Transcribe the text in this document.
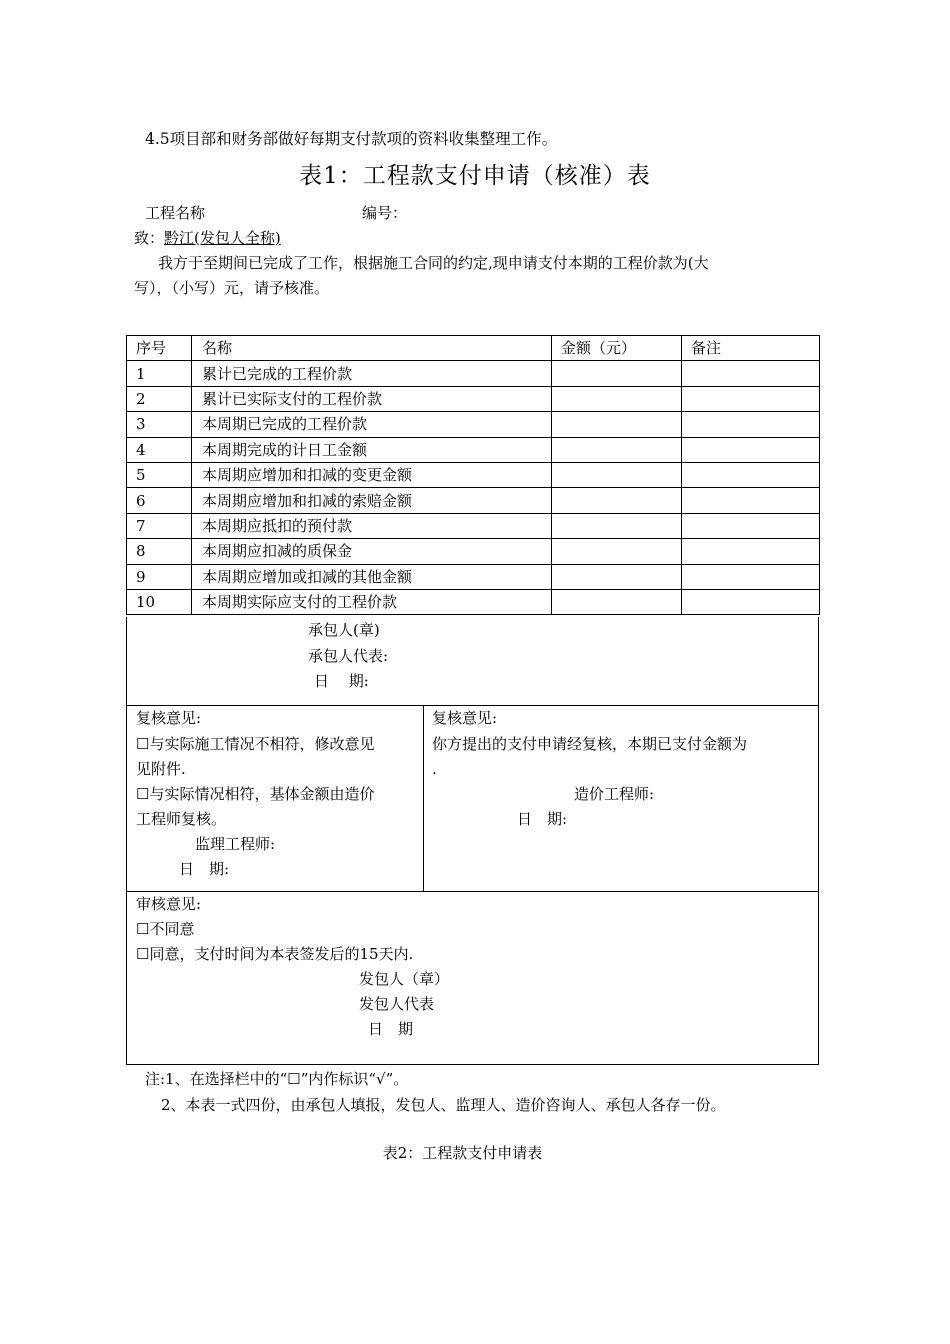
4.5项目部和财务部做好每期支付款项的资料收集整理工作。
表1：工程款支付申请（核准）表
工程名称	编号：
致：黔江(发包人全称)
我方于至期间已完成了工作，根据施工合同的约定,现申请支付本期的工程价款为(大
写），（小写）元，请予核准。
序号	名称	金额（元）	备注
1	累计已完成的工程价款		
2	累计已实际支付的工程价款		
3	本周期已完成的工程价款		
4	本周期完成的计日工金额		
5	本周期应增加和扣减的变更金额		
6	本周期应增加和扣减的索赔金额		
7	本周期应抵扣的预付款		
8	本周期应扣减的质保金		
9	本周期应增加或扣减的其他金额		
10	本周期实际应支付的工程价款		
承包人(章)
承包人代表:
日　 期:
复核意见:
☐与实际施工情况不相符，修改意见
见附件.
☐与实际情况相符，基体金额由造价
工程师复核。
监理工程师:
日　期:
复核意见:
你方提出的支付申请经复核，本期已支付金额为
.
造价工程师:
日　期:
审核意见:
☐不同意
☐同意，支付时间为本表签发后的15天内.
发包人（章）
发包人代表
日　期
注:1、在选择栏中的“☐”内作标识“√”。
2、本表一式四份，由承包人填报，发包人、监理人、造价咨询人、承包人各存一份。
表2：工程款支付申请表
